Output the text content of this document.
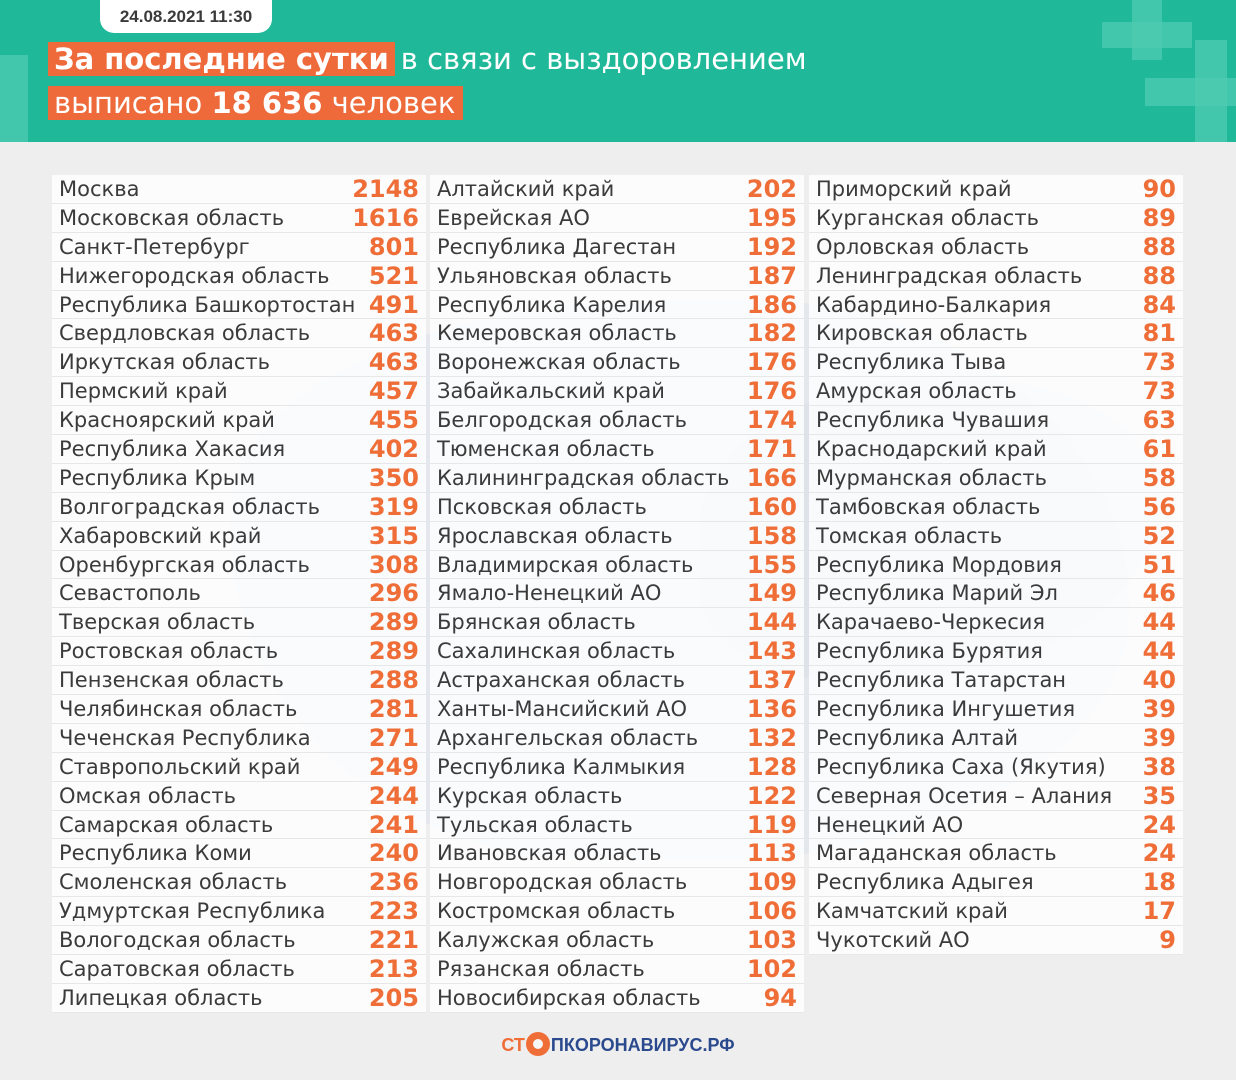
24.08.2021 11:30
За последние сутки в связи с выздоровлением
выписано 18 636 человек
Москва	2148
Московская область	1616
Санкт-Петербург	801
Нижегородская область 521
Республика Башкортостан 491
Свердловская область 463
Иркутская область	463
Пермский край	457
Красноярский край	455
Республика Хакасия	402
Республика Крым	350
Волгоградская область 319
Хабаровский край	315
Оренбургская область 308
Севастополь	296
Тверская область	289
Ростовская область	289
Пензенская область	288
Челябинская область	281
Чеченская Республика 271
Ставропольский край	249
Омская область	244
Самарская область	241
Республика Коми	240
Смоленская область	236
Удмуртская Республика 223
Вологодская область	221
Саратовская область	213
Липецкая область	205
Алтайский край	202
Еврейская АО	195
Республика Дагестан	192
Ульяновская область	187
Республика Карелия	186
Кемеровская область	182
Воронежская область	176
Забайкальский край	176
Белгородская область 174
Тюменская область	171
Калининградская область 166
Псковская область	160
Ярославская область	158
Владимирская область 155
Ямало-Ненецкий АО	149
Брянская область	144
Сахалинская область	143
Астраханская область	137
Ханты-Мансийский АО 136
Архангельская область 132
Республика Калмыкия	128
Курская область	122
Тульская область	119
Ивановская область	113
Новгородская область 109
Костромская область	106
Калужская область	103
Рязанская область	102
Новосибирская область	94
Приморский край	90
Курганская область	89
Орловская область	88
Ленинградская область	88
Кабардино-Балкария	84
Кировская область	81
Республика Тыва	73
Амурская область	73
Республика Чувашия	63
Краснодарский край	61
Мурманская область	58
Тамбовская область	56
Томская область	52
Республика Мордовия	51
Республика Марий Эл	46
Карачаево-Черкесия	44
Республика Бурятия	44
Республика Татарстан	40
Республика Ингушетия	39
Республика Алтай	39
Республика Саха (Якутия) 38
Северная Осетия – Алания 35
Ненецкий АО	24
Магаданская область	24
Республика Адыгея	18
Камчатский край	17
Чукотский АО	9
СТ ПКОРОНАВИРУС.РФ
